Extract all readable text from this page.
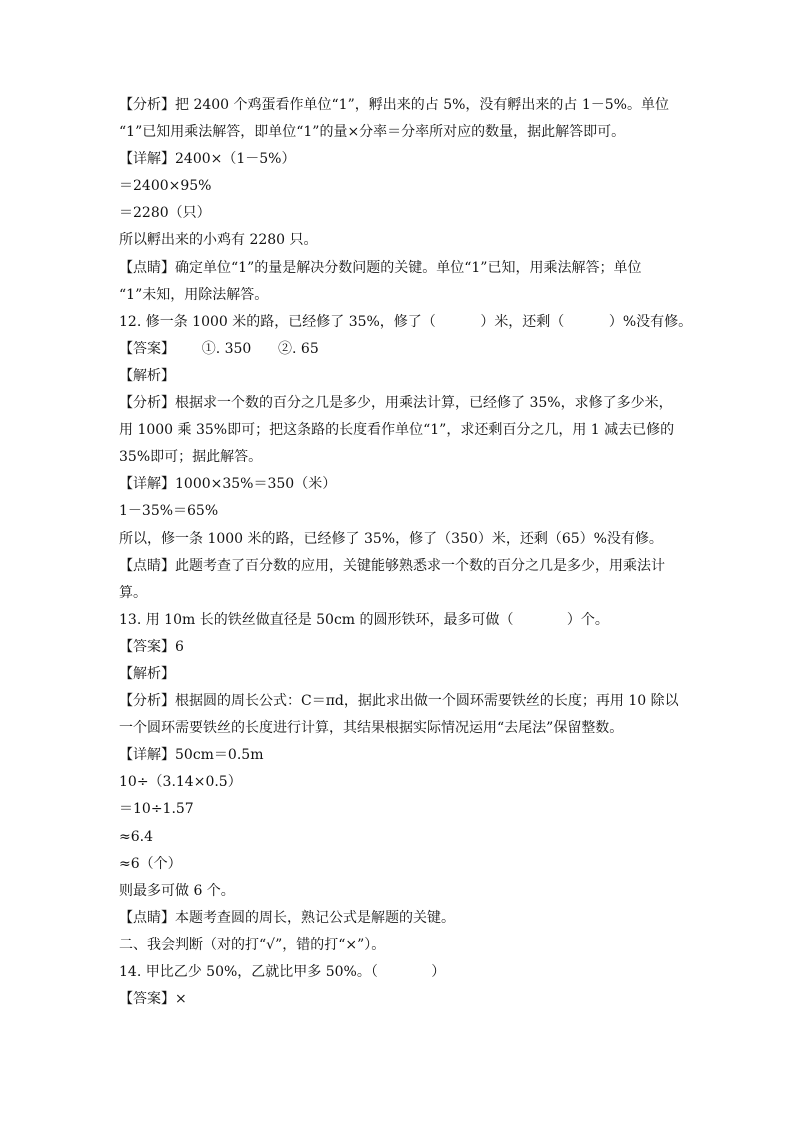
【分析】把 2400 个鸡蛋看作单位“1”，孵出来的占 5%，没有孵出来的占 1－5%。单位
“1”已知用乘法解答，即单位“1”的量×分率＝分率所对应的数量，据此解答即可。
【详解】2400×（1－5%）
＝2400×95%
＝2280（只）
所以孵出来的小鸡有 2280 只。
【点睛】确定单位“1”的量是解决分数问题的关键。单位“1”已知，用乘法解答；单位
“1”未知，用除法解答。
12. 修一条 1000 米的路，已经修了 35%，修了（          ）米，还剩（          ）%没有修。
【答案】      ①. 350      ②. 65
【解析】
【分析】根据求一个数的百分之几是多少，用乘法计算，已经修了 35%，求修了多少米，
用 1000 乘 35%即可；把这条路的长度看作单位“1”，求还剩百分之几，用 1 减去已修的
35%即可；据此解答。
【详解】1000×35%＝350（米）
1－35%＝65%
所以，修一条 1000 米的路，已经修了 35%，修了（350）米，还剩（65）%没有修。
【点睛】此题考查了百分数的应用，关键能够熟悉求一个数的百分之几是多少，用乘法计
算。
13. 用 10m 长的铁丝做直径是 50cm 的圆形铁环，最多可做（            ）个。
【答案】6
【解析】
【分析】根据圆的周长公式：C＝πd，据此求出做一个圆环需要铁丝的长度；再用 10 除以
一个圆环需要铁丝的长度进行计算，其结果根据实际情况运用“去尾法”保留整数。
【详解】50cm＝0.5m
10÷（3.14×0.5）
＝10÷1.57
≈6.4
≈6（个）
则最多可做 6 个。
【点睛】本题考查圆的周长，熟记公式是解题的关键。
二、我会判断（对的打“√”，错的打“×”）。
14. 甲比乙少 50%，乙就比甲多 50%。（            ）
【答案】×
